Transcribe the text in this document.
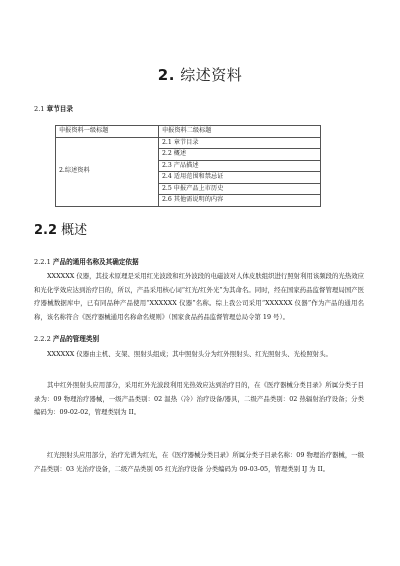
2. 综述资料
2.1 章节目录
申报资料一级标题	申报资料二级标题
2.综述资料	2.1 章节目录
	2.2 概述
	2.3 产品描述
	2.4 适用范围和禁忌证
	2.5 申报产品上市历史
	2.6 其他需说明的内容
2.2 概述
2.2.1 产品的通用名称及其确定依据

XXXXXX 仪器，其技术原理是采用红光波段和红外波段的电磁波对人体皮肤组织进行照射利用该频段的光热效应和光化学效应达到治疗目的，所以，产品采用核心词“红光/红外光”为其命名。同时，经在国家药品监督管理局国产医疗器械数据库中，已有同品种产品使用“XXXXXX 仪器”名称。综上我公司采用“XXXXXX 仪器”作为产品的通用名称，该名称符合《医疗器械通用名称命名规则》（国家食品药品监督管理总局令第 19 号）。

2.2.2 产品的管理类别

XXXXXX 仪器由主机、支架、照射头组成；其中照射头分为红外照射头、红光照射头、光检照射头。

其中红外照射头应用部分，采用红外光波段利用光热效应达到治疗目的，在《医疗器械分类目录》所属分类子目录为：09 物理治疗器械，一级产品类别：02 温热（冷）治疗设备/器具，二级产品类别：02 热辐射治疗设备；分类编码为：09-02-02，管理类别为 II。

红光照射头应用部分，治疗光谱为红光，在《医疗器械分类目录》所属分类子目录名称：09 物理治疗器械，一级产品类别：03 光治疗设备，二级产品类别 05 红光治疗设备 分类编码为 09-03-05，管理类别 IJ 为 II。
